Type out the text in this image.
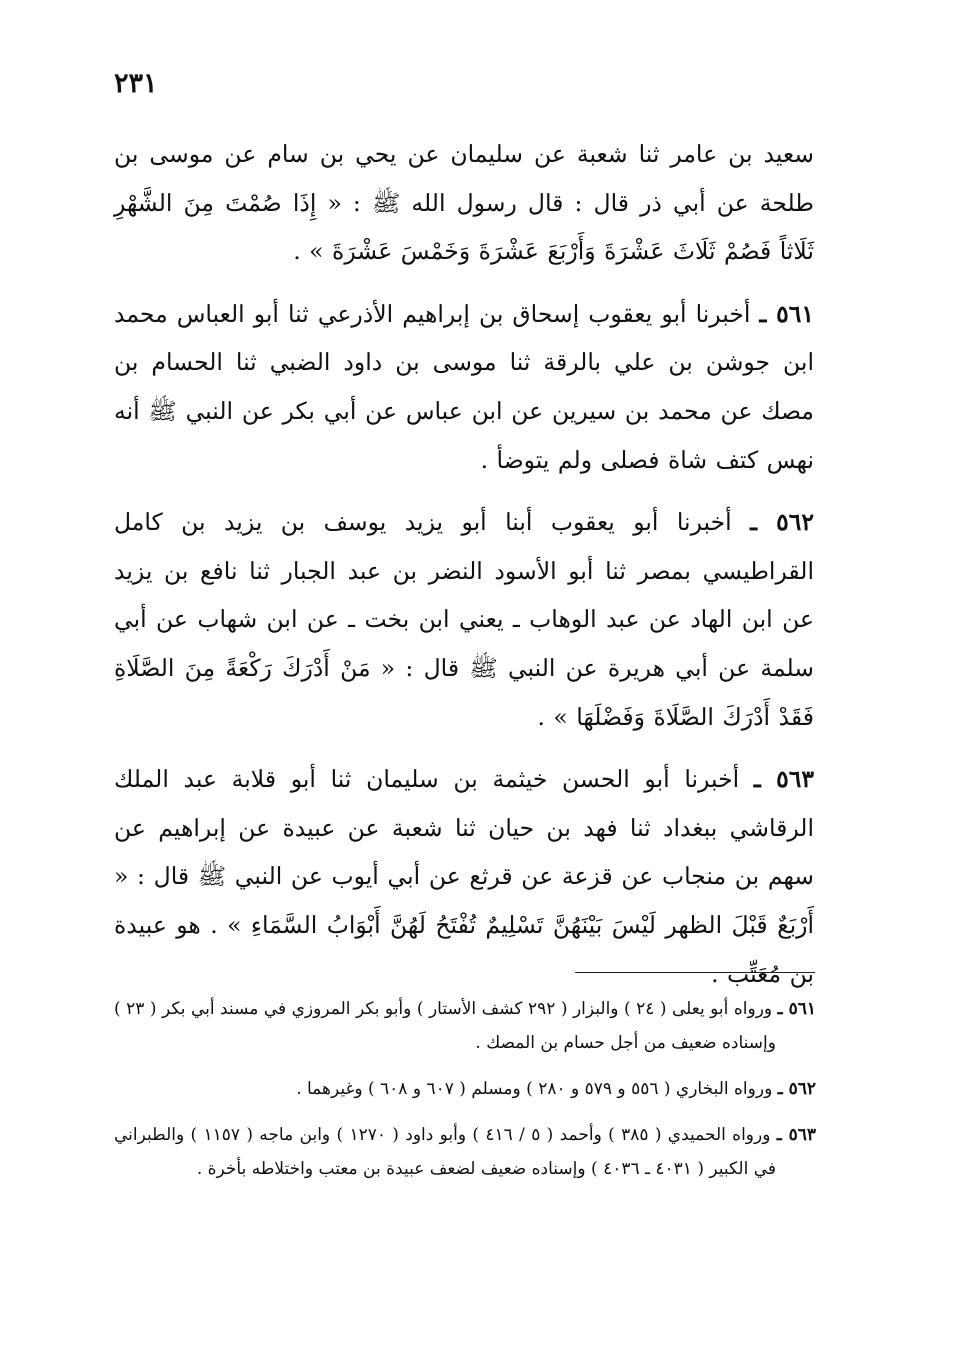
٢٣١

سعيد بن عامر ثنا شعبة عن سليمان عن يحي بن سام عن موسى بن طلحة عن أبي ذر قال : قال رسول الله ﷺ : « إِذَا صُمْتَ مِنَ الشَّهْرِ ثَلَاثاً فَصُمْ ثَلَاثَ عَشْرَةَ وَأَرْبَعَ عَشْرَةَ وَخَمْسَ عَشْرَةَ » .

٥٦١ ـ أخبرنا أبو يعقوب إسحاق بن إبراهيم الأذرعي ثنا أبو العباس محمد ابن جوشن بن علي بالرقة ثنا موسى بن داود الضبي ثنا الحسام بن مصك عن محمد بن سيرين عن ابن عباس عن أبي بكر عن النبي ﷺ أنه نهس كتف شاة فصلى ولم يتوضأ .

٥٦٢ ـ أخبرنا أبو يعقوب أبنا أبو يزيد يوسف بن يزيد بن كامل القراطيسي بمصر ثنا أبو الأسود النضر بن عبد الجبار ثنا نافع بن يزيد عن ابن الهاد عن عبد الوهاب ـ يعني ابن بخت ـ عن ابن شهاب عن أبي سلمة عن أبي هريرة عن النبي ﷺ قال : « مَنْ أَدْرَكَ رَكْعَةً مِنَ الصَّلَاةِ فَقَدْ أَدْرَكَ الصَّلَاةَ وَفَضْلَهَا » .

٥٦٣ ـ أخبرنا أبو الحسن خيثمة بن سليمان ثنا أبو قلابة عبد الملك الرقاشي ببغداد ثنا فهد بن حيان ثنا شعبة عن عبيدة عن إبراهيم عن سهم بن منجاب عن قزعة عن قرثع عن أبي أيوب عن النبي ﷺ قال : « أَرْبَعٌ قَبْلَ الظهر لَيْسَ بَيْنَهُنَّ تَسْلِيمٌ تُفْتَحُ لَهُنَّ أَبْوَابُ السَّمَاءِ » . هو عبيدة بن مُعَتِّب .

٥٦١ ـ ورواه أبو يعلى ( ٢٤ ) والبزار ( ٢٩٢ كشف الأستار ) وأبو بكر المروزي في مسند أبي بكر ( ٢٣ ) وإسناده ضعيف من أجل حسام بن المصك .

٥٦٢ ـ ورواه البخاري ( ٥٥٦ و ٥٧٩ و ٢٨٠ ) ومسلم ( ٦٠٧ و ٦٠٨ ) وغيرهما .

٥٦٣ ـ ورواه الحميدي ( ٣٨٥ ) وأحمد ( ٥ / ٤١٦ ) وأبو داود ( ١٢٧٠ ) وابن ماجه ( ١١٥٧ ) والطبراني في الكبير ( ٤٠٣١ ـ ٤٠٣٦ ) وإسناده ضعيف لضعف عبيدة بن معتب واختلاطه بأخرة .
